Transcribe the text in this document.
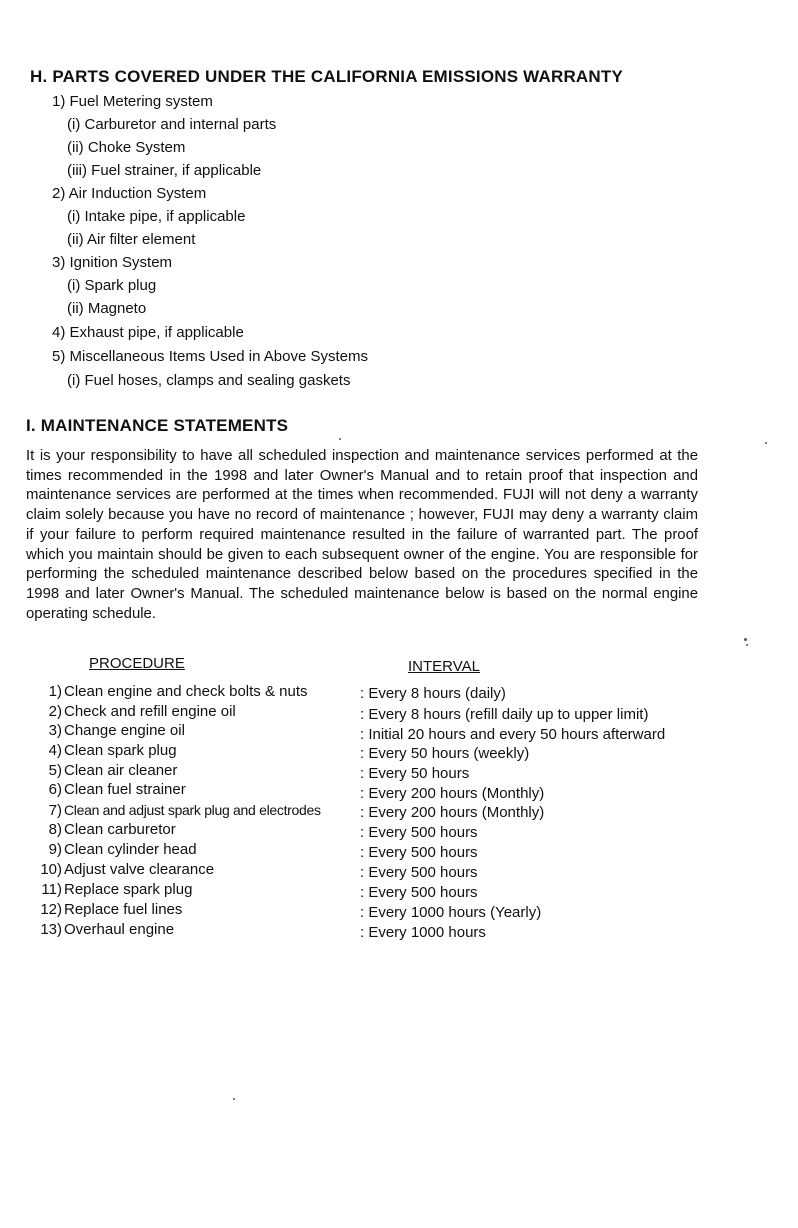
H. PARTS COVERED UNDER THE CALIFORNIA EMISSIONS WARRANTY
1) Fuel Metering system
(i) Carburetor and internal parts
(ii) Choke System
(iii) Fuel strainer, if applicable
2) Air Induction System
(i) Intake pipe, if applicable
(ii) Air filter element
3) Ignition System
(i) Spark plug
(ii) Magneto
4) Exhaust pipe, if applicable
5) Miscellaneous Items Used in Above Systems
(i) Fuel hoses, clamps and sealing gaskets
I. MAINTENANCE STATEMENTS

It is your responsibility to have all scheduled inspection and maintenance services performed at the times recommended in the 1998 and later Owner's Manual and to retain proof that inspection and maintenance services are performed at the times when recommended. FUJI will not deny a warranty claim solely because you have no record of maintenance ; however, FUJI may deny a warranty claim if your failure to perform required maintenance resulted in the failure of warranted part. The proof which you maintain should be given to each subsequent owner of the engine. You are responsible for performing the scheduled maintenance described below based on the procedures specified in the 1998 and later Owner's Manual. The scheduled maintenance below is based on the normal engine operating schedule.

PROCEDURE	INTERVAL
1) Clean engine and check bolts & nuts	: Every 8 hours (daily)
2) Check and refill engine oil	: Every 8 hours (refill daily up to upper limit)
3) Change engine oil	: Initial 20 hours and every 50 hours afterward
4) Clean spark plug	: Every 50 hours (weekly)
5) Clean air cleaner	: Every 50 hours
6) Clean fuel strainer	: Every 200 hours (Monthly)
7) Clean and adjust spark plug and electrodes	: Every 200 hours (Monthly)
8) Clean carburetor	: Every 500 hours
9) Clean cylinder head	: Every 500 hours
10) Adjust valve clearance	: Every 500 hours
11) Replace spark plug	: Every 500 hours
12) Replace fuel lines	: Every 1000 hours (Yearly)
13) Overhaul engine	: Every 1000 hours
